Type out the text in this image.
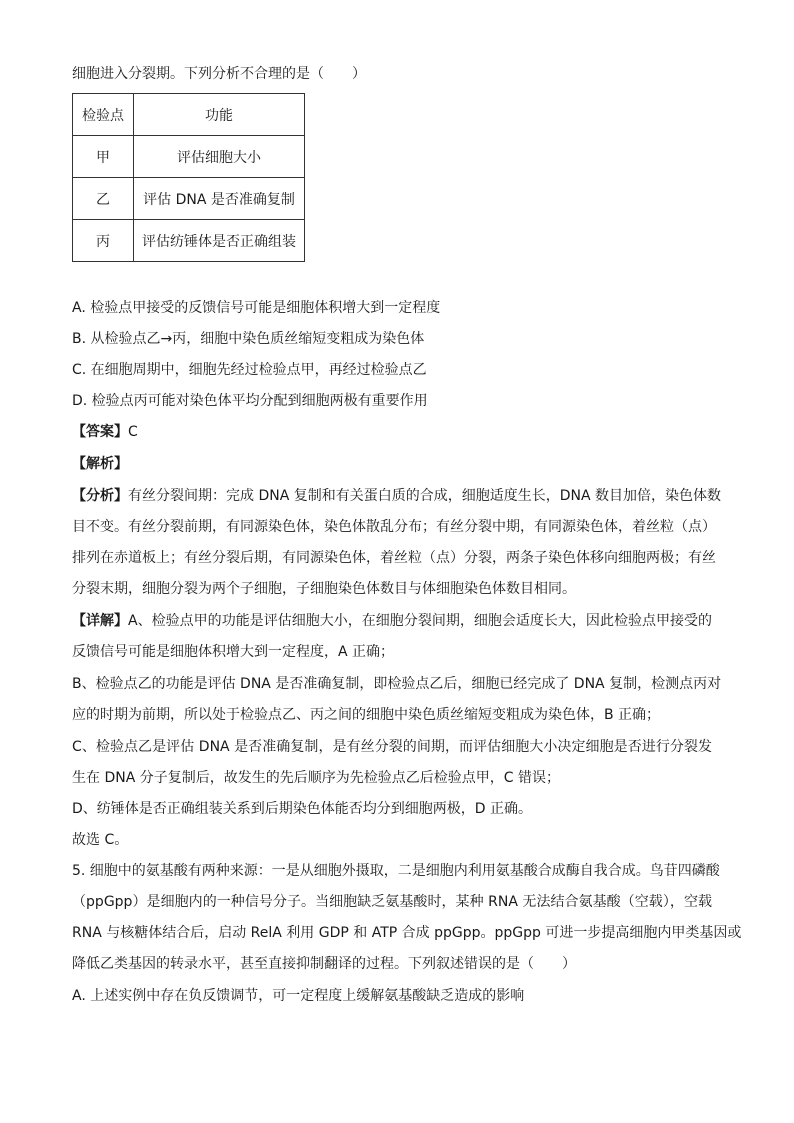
细胞进入分裂期。下列分析不合理的是（　　）
检验点	功能
甲	评估细胞大小
乙	评估 DNA 是否准确复制
丙	评估纺锤体是否正确组装
A. 检验点甲接受的反馈信号可能是细胞体积增大到一定程度
B. 从检验点乙→丙，细胞中染色质丝缩短变粗成为染色体
C. 在细胞周期中，细胞先经过检验点甲，再经过检验点乙
D. 检验点丙可能对染色体平均分配到细胞两极有重要作用
【答案】C
【解析】
【分析】有丝分裂间期：完成 DNA 复制和有关蛋白质的合成，细胞适度生长，DNA 数目加倍，染色体数
目不变。有丝分裂前期，有同源染色体，染色体散乱分布；有丝分裂中期，有同源染色体，着丝粒（点）
排列在赤道板上；有丝分裂后期，有同源染色体，着丝粒（点）分裂，两条子染色体移向细胞两极；有丝
分裂末期，细胞分裂为两个子细胞，子细胞染色体数目与体细胞染色体数目相同。
【详解】A、检验点甲的功能是评估细胞大小，在细胞分裂间期，细胞会适度长大，因此检验点甲接受的
反馈信号可能是细胞体积增大到一定程度，A 正确；
B、检验点乙的功能是评估 DNA 是否准确复制，即检验点乙后，细胞已经完成了 DNA 复制，检测点丙对
应的时期为前期，所以处于检验点乙、丙之间的细胞中染色质丝缩短变粗成为染色体，B 正确；
C、检验点乙是评估 DNA 是否准确复制，是有丝分裂的间期，而评估细胞大小决定细胞是否进行分裂发
生在 DNA 分子复制后，故发生的先后顺序为先检验点乙后检验点甲，C 错误；
D、纺锤体是否正确组装关系到后期染色体能否均分到细胞两极，D 正确。
故选 C。
5. 细胞中的氨基酸有两种来源：一是从细胞外摄取，二是细胞内利用氨基酸合成酶自我合成。鸟苷四磷酸
（ppGpp）是细胞内的一种信号分子。当细胞缺乏氨基酸时，某种 RNA 无法结合氨基酸（空载），空载
RNA 与核糖体结合后，启动 RelA 利用 GDP 和 ATP 合成 ppGpp。ppGpp 可进一步提高细胞内甲类基因或
降低乙类基因的转录水平，甚至直接抑制翻译的过程。下列叙述错误的是（　　）
A. 上述实例中存在负反馈调节，可一定程度上缓解氨基酸缺乏造成的影响
